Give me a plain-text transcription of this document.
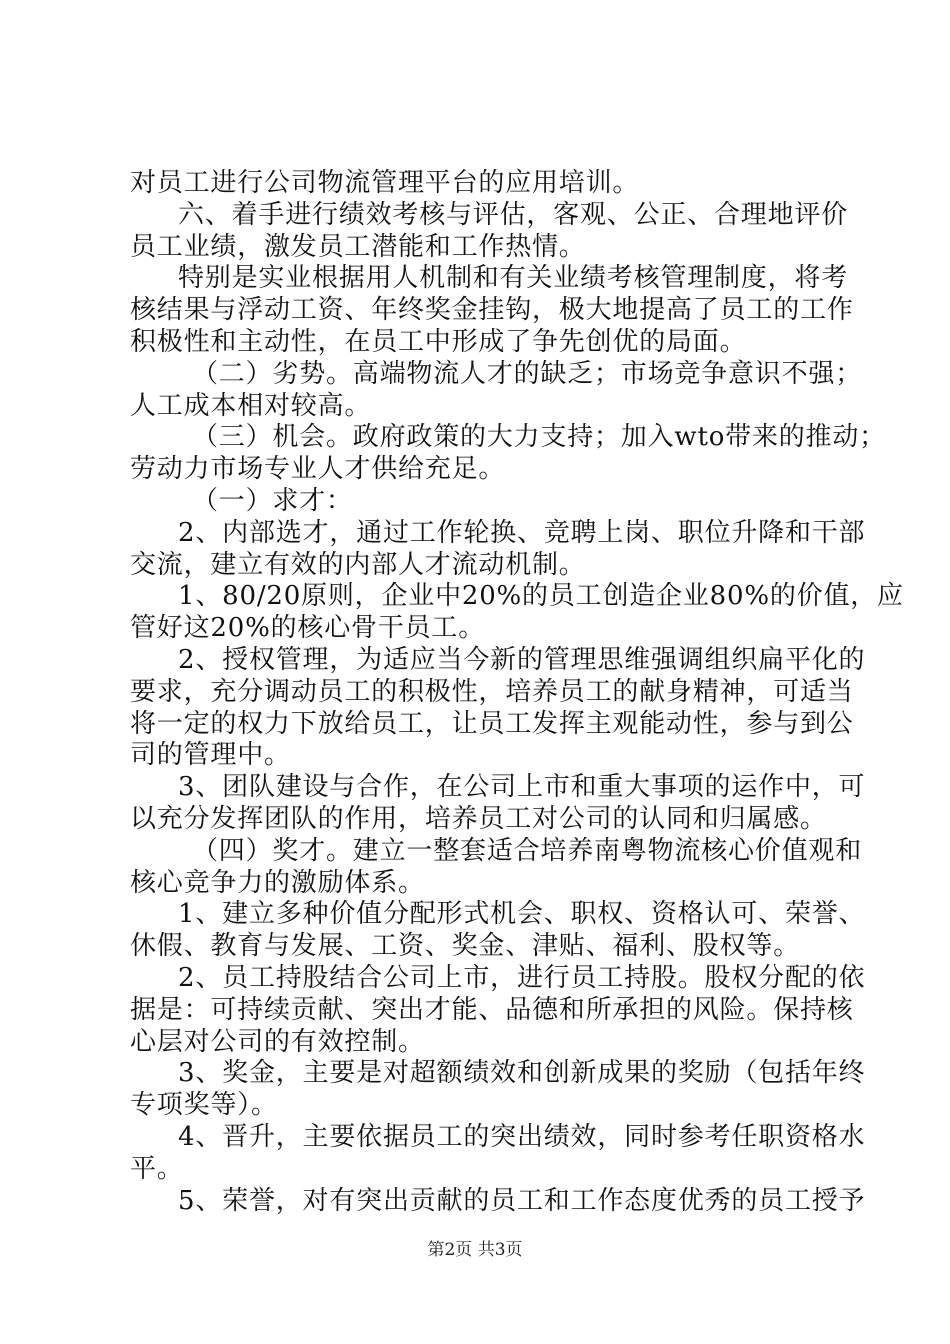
对员工进行公司物流管理平台的应用培训。
六、着手进行绩效考核与评估，客观、公正、合理地评价
员工业绩，激发员工潜能和工作热情。
特别是实业根据用人机制和有关业绩考核管理制度，将考
核结果与浮动工资、年终奖金挂钩，极大地提高了员工的工作
积极性和主动性，在员工中形成了争先创优的局面。
（二）劣势。高端物流人才的缺乏；市场竞争意识不强；
人工成本相对较高。
（三）机会。政府政策的大力支持；加入wto带来的推动；
劳动力市场专业人才供给充足。
（一）求才：
2、内部选才，通过工作轮换、竞聘上岗、职位升降和干部
交流，建立有效的内部人才流动机制。
1、80/20原则，企业中20%的员工创造企业80%的价值，应
管好这20%的核心骨干员工。
2、授权管理，为适应当今新的管理思维强调组织扁平化的
要求，充分调动员工的积极性，培养员工的献身精神，可适当
将一定的权力下放给员工，让员工发挥主观能动性，参与到公
司的管理中。
3、团队建设与合作，在公司上市和重大事项的运作中，可
以充分发挥团队的作用，培养员工对公司的认同和归属感。
（四）奖才。建立一整套适合培养南粤物流核心价值观和
核心竞争力的激励体系。
1、建立多种价值分配形式机会、职权、资格认可、荣誉、
休假、教育与发展、工资、奖金、津贴、福利、股权等。
2、员工持股结合公司上市，进行员工持股。股权分配的依
据是：可持续贡献、突出才能、品德和所承担的风险。保持核
心层对公司的有效控制。
3、奖金，主要是对超额绩效和创新成果的奖励（包括年终
专项奖等）。
4、晋升，主要依据员工的突出绩效，同时参考任职资格水
平。
5、荣誉，对有突出贡献的员工和工作态度优秀的员工授予
第2页 共3页
